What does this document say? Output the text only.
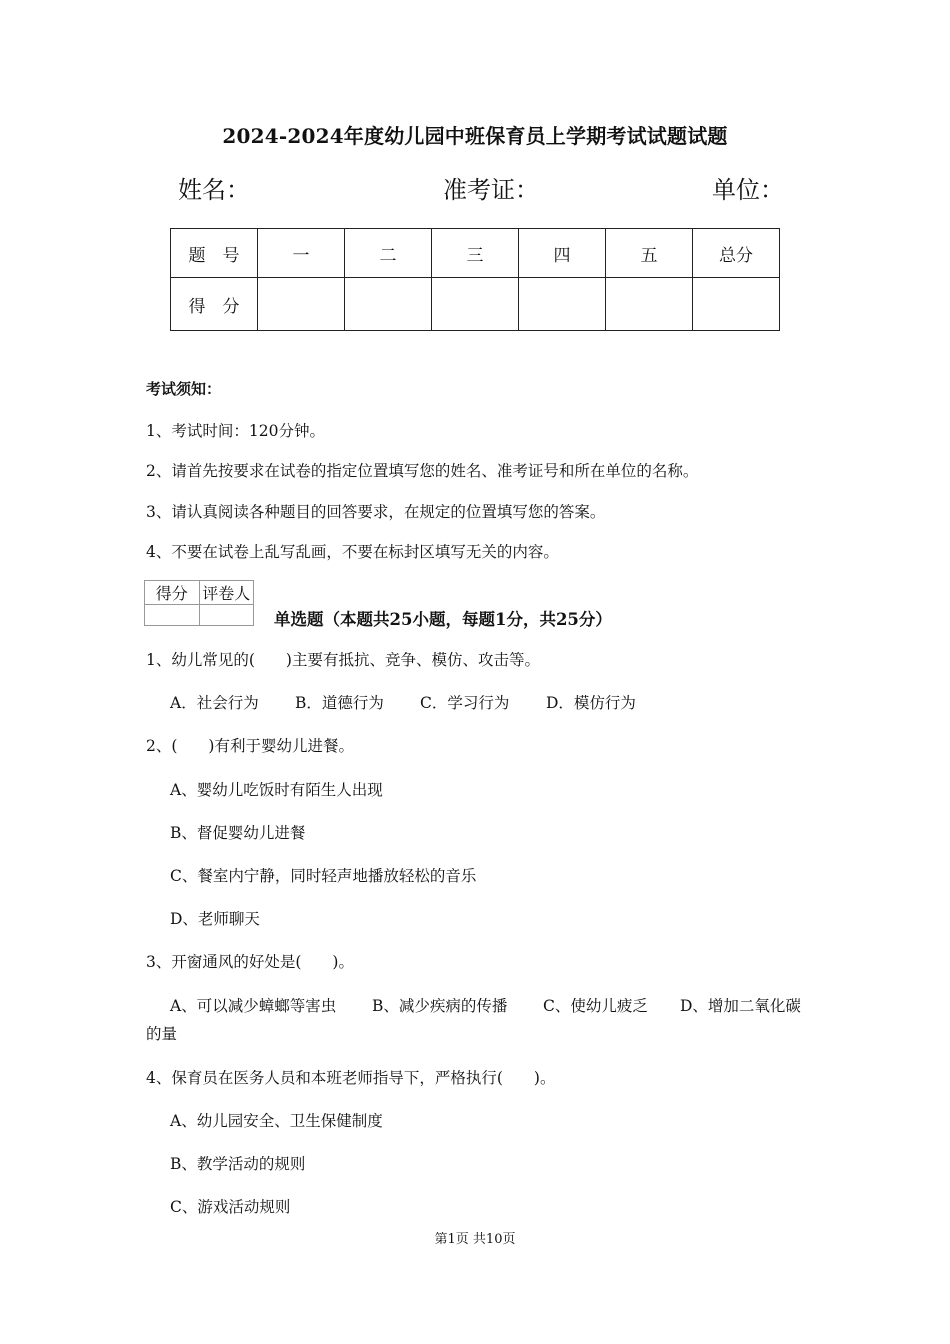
2024-2024年度幼儿园中班保育员上学期考试试题试题
姓名：	准考证：	单位：
题　号	一	二	三	四	五	总分
得　分						
考试须知：
1、考试时间：120分钟。
2、请首先按要求在试卷的指定位置填写您的姓名、准考证号和所在单位的名称。
3、请认真阅读各种题目的回答要求，在规定的位置填写您的答案。
4、不要在试卷上乱写乱画，不要在标封区填写无关的内容。
得分	评卷人

单选题（本题共25小题，每题1分，共25分）
1、幼儿常见的(　　)主要有抵抗、竞争、模仿、攻击等。
A．社会行为 B．道德行为 C．学习行为 D．模仿行为
2、(　　)有利于婴幼儿进餐。
A、婴幼儿吃饭时有陌生人出现
B、督促婴幼儿进餐
C、餐室内宁静，同时轻声地播放轻松的音乐
D、老师聊天
3、开窗通风的好处是(　　)。
A、可以减少蟑螂等害虫 B、减少疾病的传播 C、使幼儿疲乏 D、增加二氧化碳
的量
4、保育员在医务人员和本班老师指导下，严格执行(　　)。
A、幼儿园安全、卫生保健制度
B、教学活动的规则
C、游戏活动规则
第1页 共10页
